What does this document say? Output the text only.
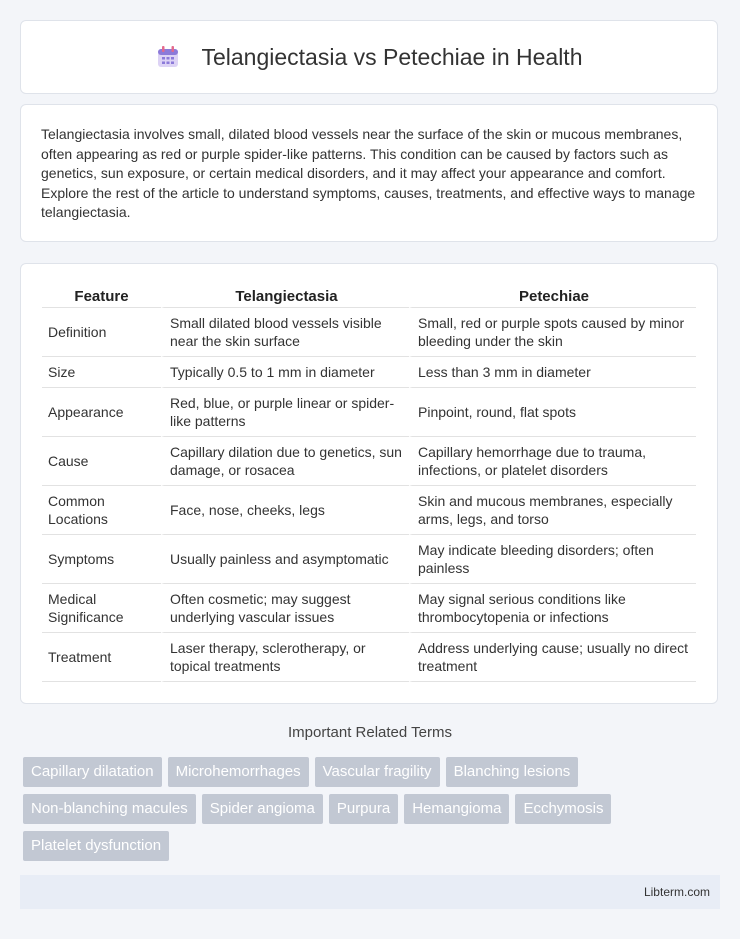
Telangiectasia vs Petechiae in Health

Telangiectasia involves small, dilated blood vessels near the surface of the skin or mucous membranes, often appearing as red or purple spider-like patterns. This condition can be caused by factors such as genetics, sun exposure, or certain medical disorders, and it may affect your appearance and comfort. Explore the rest of the article to understand symptoms, causes, treatments, and effective ways to manage telangiectasia.

Feature	Telangiectasia	Petechiae
Definition	Small dilated blood vessels visible near the skin surface	Small, red or purple spots caused by minor bleeding under the skin
Size	Typically 0.5 to 1 mm in diameter	Less than 3 mm in diameter
Appearance	Red, blue, or purple linear or spider-like patterns	Pinpoint, round, flat spots
Cause	Capillary dilation due to genetics, sun damage, or rosacea	Capillary hemorrhage due to trauma, infections, or platelet disorders
Common Locations	Face, nose, cheeks, legs	Skin and mucous membranes, especially arms, legs, and torso
Symptoms	Usually painless and asymptomatic	May indicate bleeding disorders; often painless
Medical Significance	Often cosmetic; may suggest underlying vascular issues	May signal serious conditions like thrombocytopenia or infections
Treatment	Laser therapy, sclerotherapy, or topical treatments	Address underlying cause; usually no direct treatment
Important Related Terms
Capillary dilatation	Microhemorrhages	Vascular fragility	Blanching lesions
Non-blanching macules	Spider angioma	Purpura	Hemangioma	Ecchymosis
Platelet dysfunction
Libterm.com
